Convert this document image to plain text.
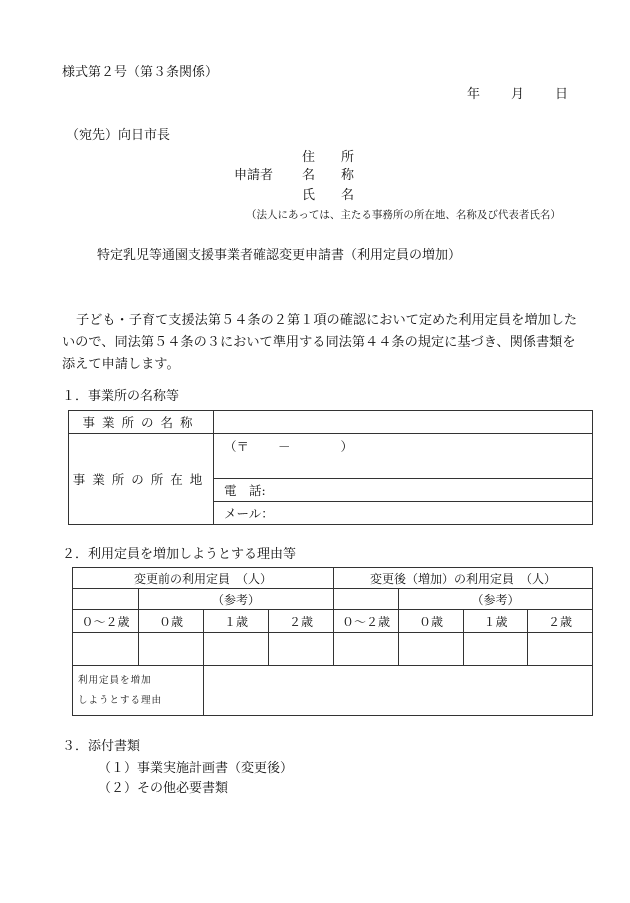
様式第２号（第３条関係）
年 月 日
（宛先）向日市長
住　　所
申請者 名　　称
氏　　名
（法人にあっては、主たる事務所の所在地、名称及び代表者氏名）
特定乳児等通園支援事業者確認変更申請書（利用定員の増加）
子ども・子育て支援法第５４条の２第１項の確認において定めた利用定員を増加したいので、同法第５４条の３において準用する同法第４４条の規定に基づき、関係書類を添えて申請します。
１．事業所の名称等
事業所の名称	
事業所の所在地	（〒　　 －　　　　）
	電　話:
	メール：
２．利用定員を増加しようとする理由等
変更前の利用定員　（人）				変更後（増加）の利用定員　（人）			
	（参考）				（参考）		
０～２歳	０歳	１歳	２歳	０～２歳	０歳	１歳	２歳

利用定員を増加
しようとする理由							

３．添付書類
（１）事業実施計画書（変更後）
（２）その他必要書類
